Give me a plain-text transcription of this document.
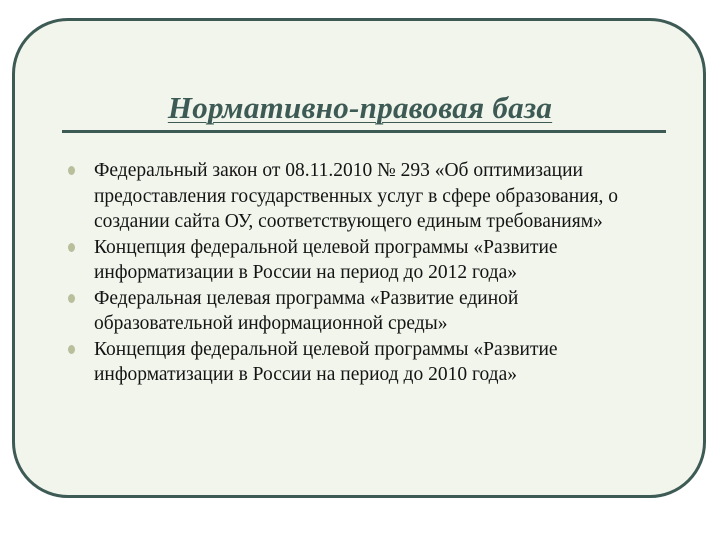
Нормативно-правовая база
Федеральный закон от 08.11.2010 № 293 «Об оптимизации предоставления государственных услуг в сфере образования, о создании сайта ОУ, соответствующего единым требованиям»
Концепция федеральной целевой программы «Развитие информатизации в России на период до 2012 года»
Федеральная целевая программа «Развитие единой образовательной информационной среды»
Концепция федеральной целевой программы «Развитие информатизации в России на период до 2010 года»
